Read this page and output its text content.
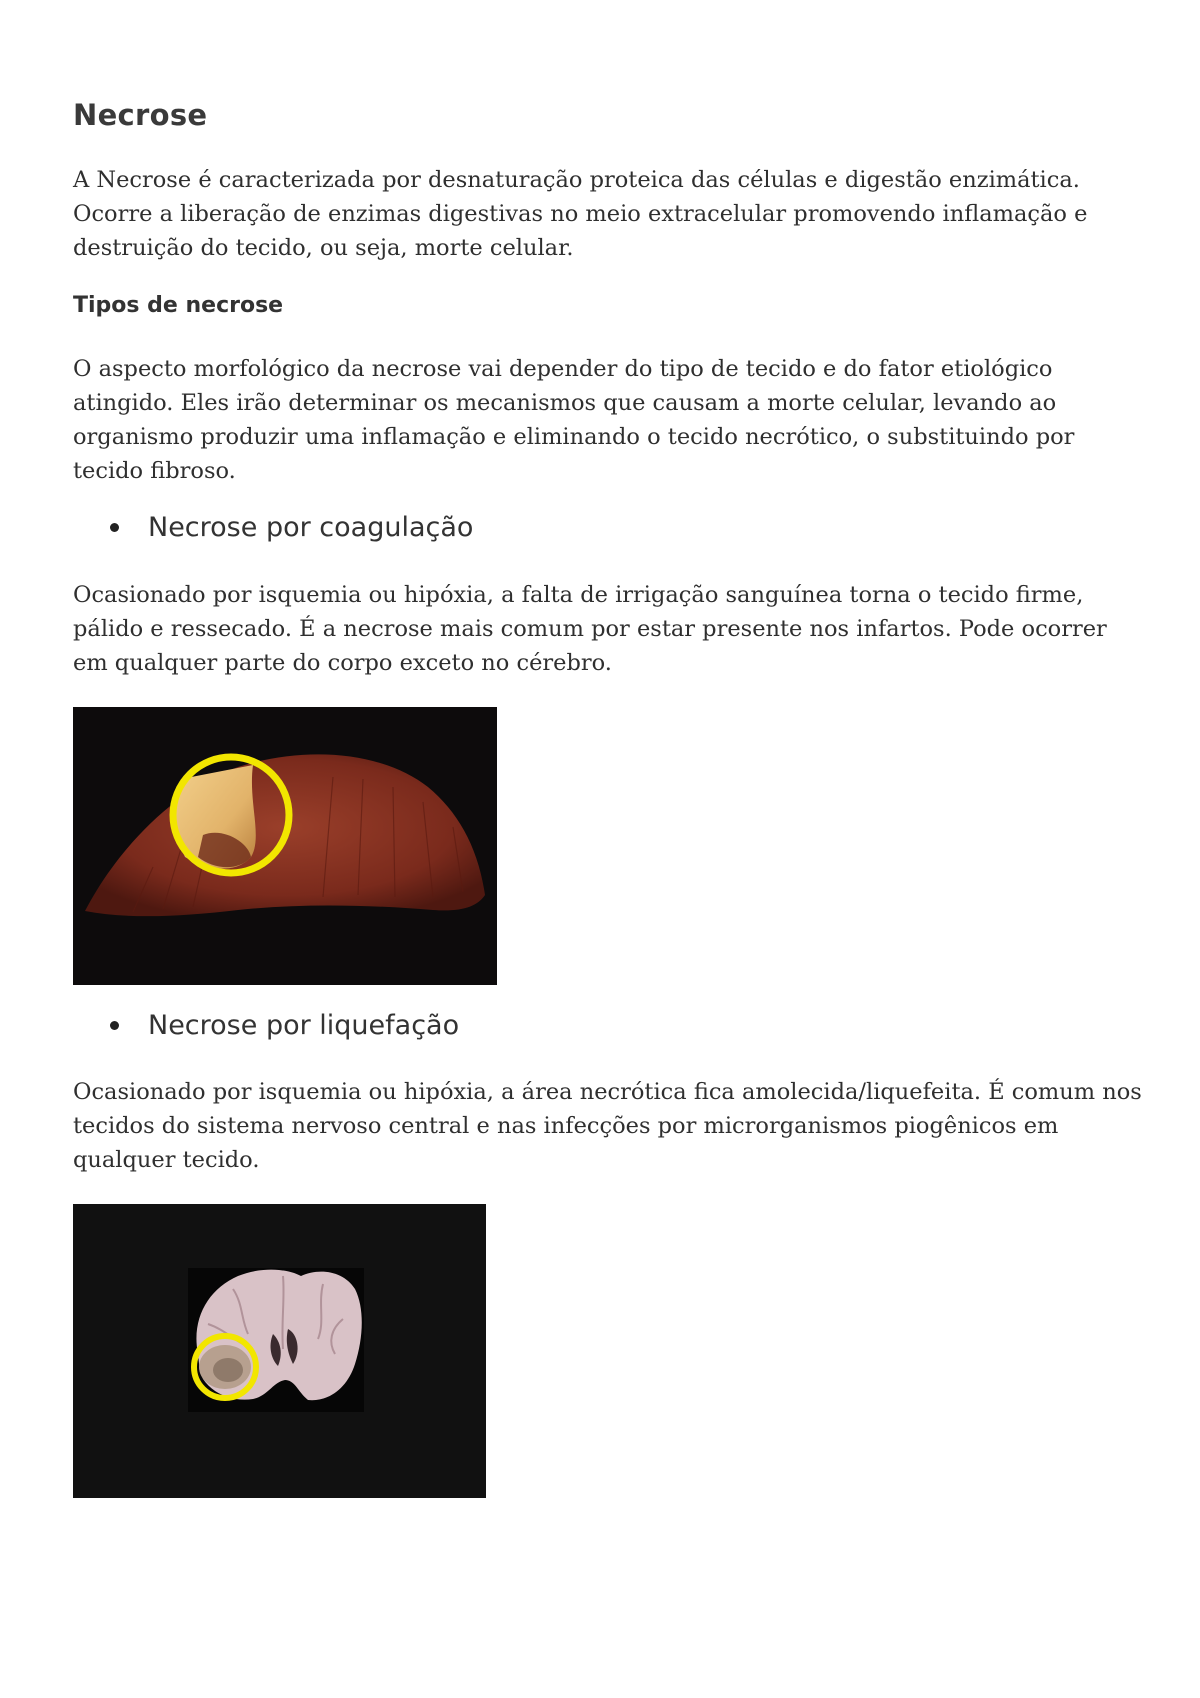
Necrose

A Necrose é caracterizada por desnaturação proteica das células e digestão enzimática. Ocorre a liberação de enzimas digestivas no meio extracelular promovendo inflamação e destruição do tecido, ou seja, morte celular.

Tipos de necrose

O aspecto morfológico da necrose vai depender do tipo de tecido e do fator etiológico atingido. Eles irão determinar os mecanismos que causam a morte celular, levando ao organismo produzir uma inflamação e eliminando o tecido necrótico, o substituindo por tecido fibroso.

Necrose por coagulação

Ocasionado por isquemia ou hipóxia, a falta de irrigação sanguínea torna o tecido firme, pálido e ressecado. É a necrose mais comum por estar presente nos infartos. Pode ocorrer em qualquer parte do corpo exceto no cérebro.

Necrose por liquefação

Ocasionado por isquemia ou hipóxia, a área necrótica fica amolecida/liquefeita. É comum nos tecidos do sistema nervoso central e nas infecções por microrganismos piogênicos em qualquer tecido.
